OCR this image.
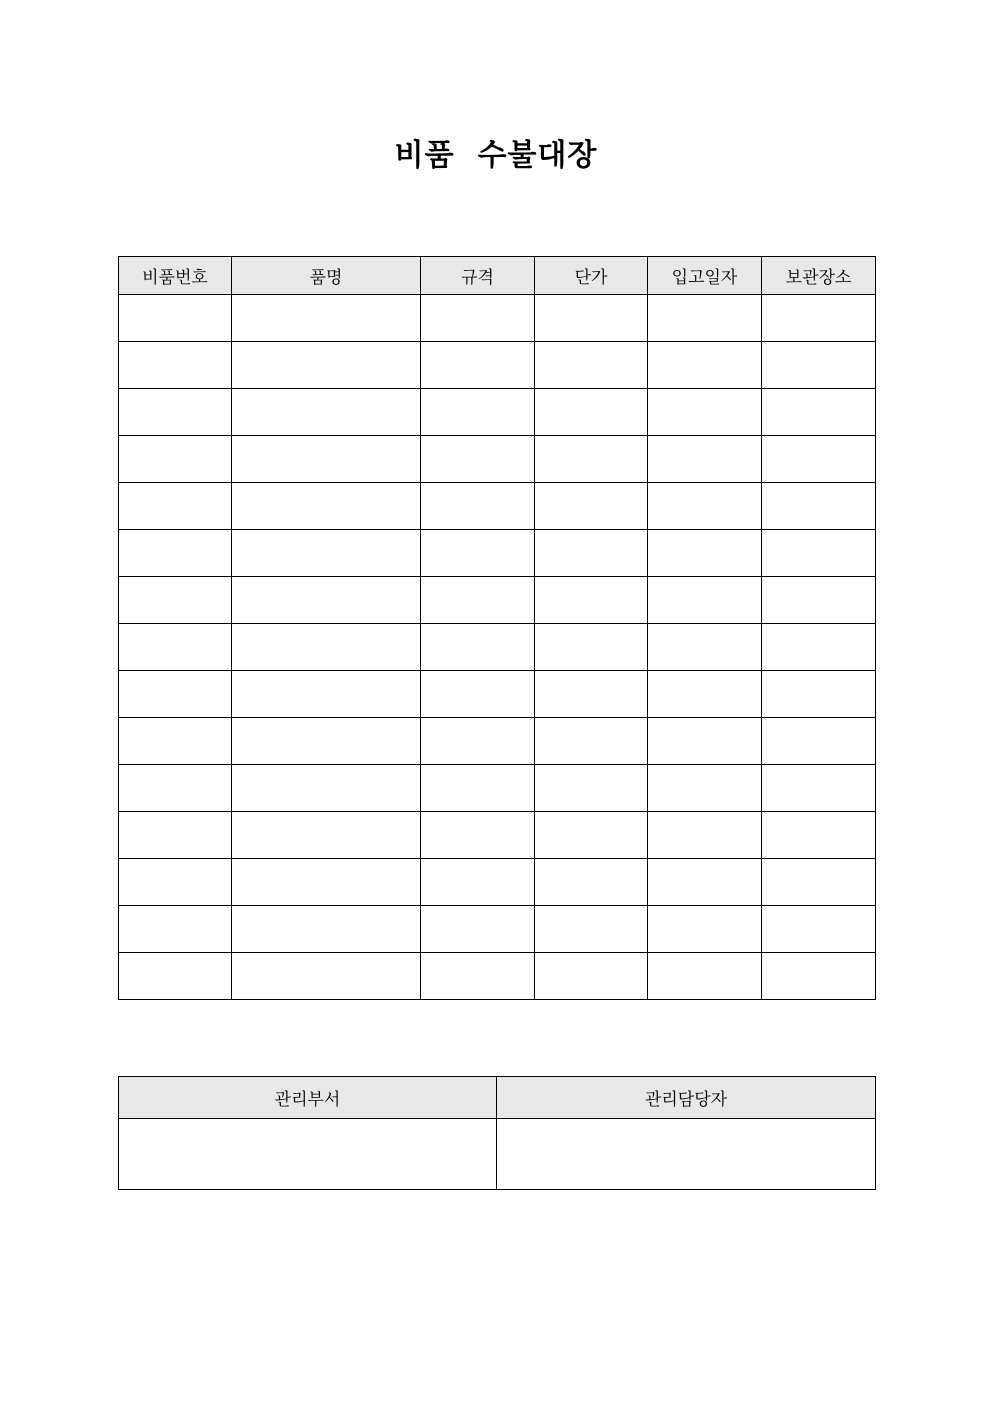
비품  수불대장
비품번호	품명	규격	단가	입고일자	보관장소

관리부서	관리담당자
